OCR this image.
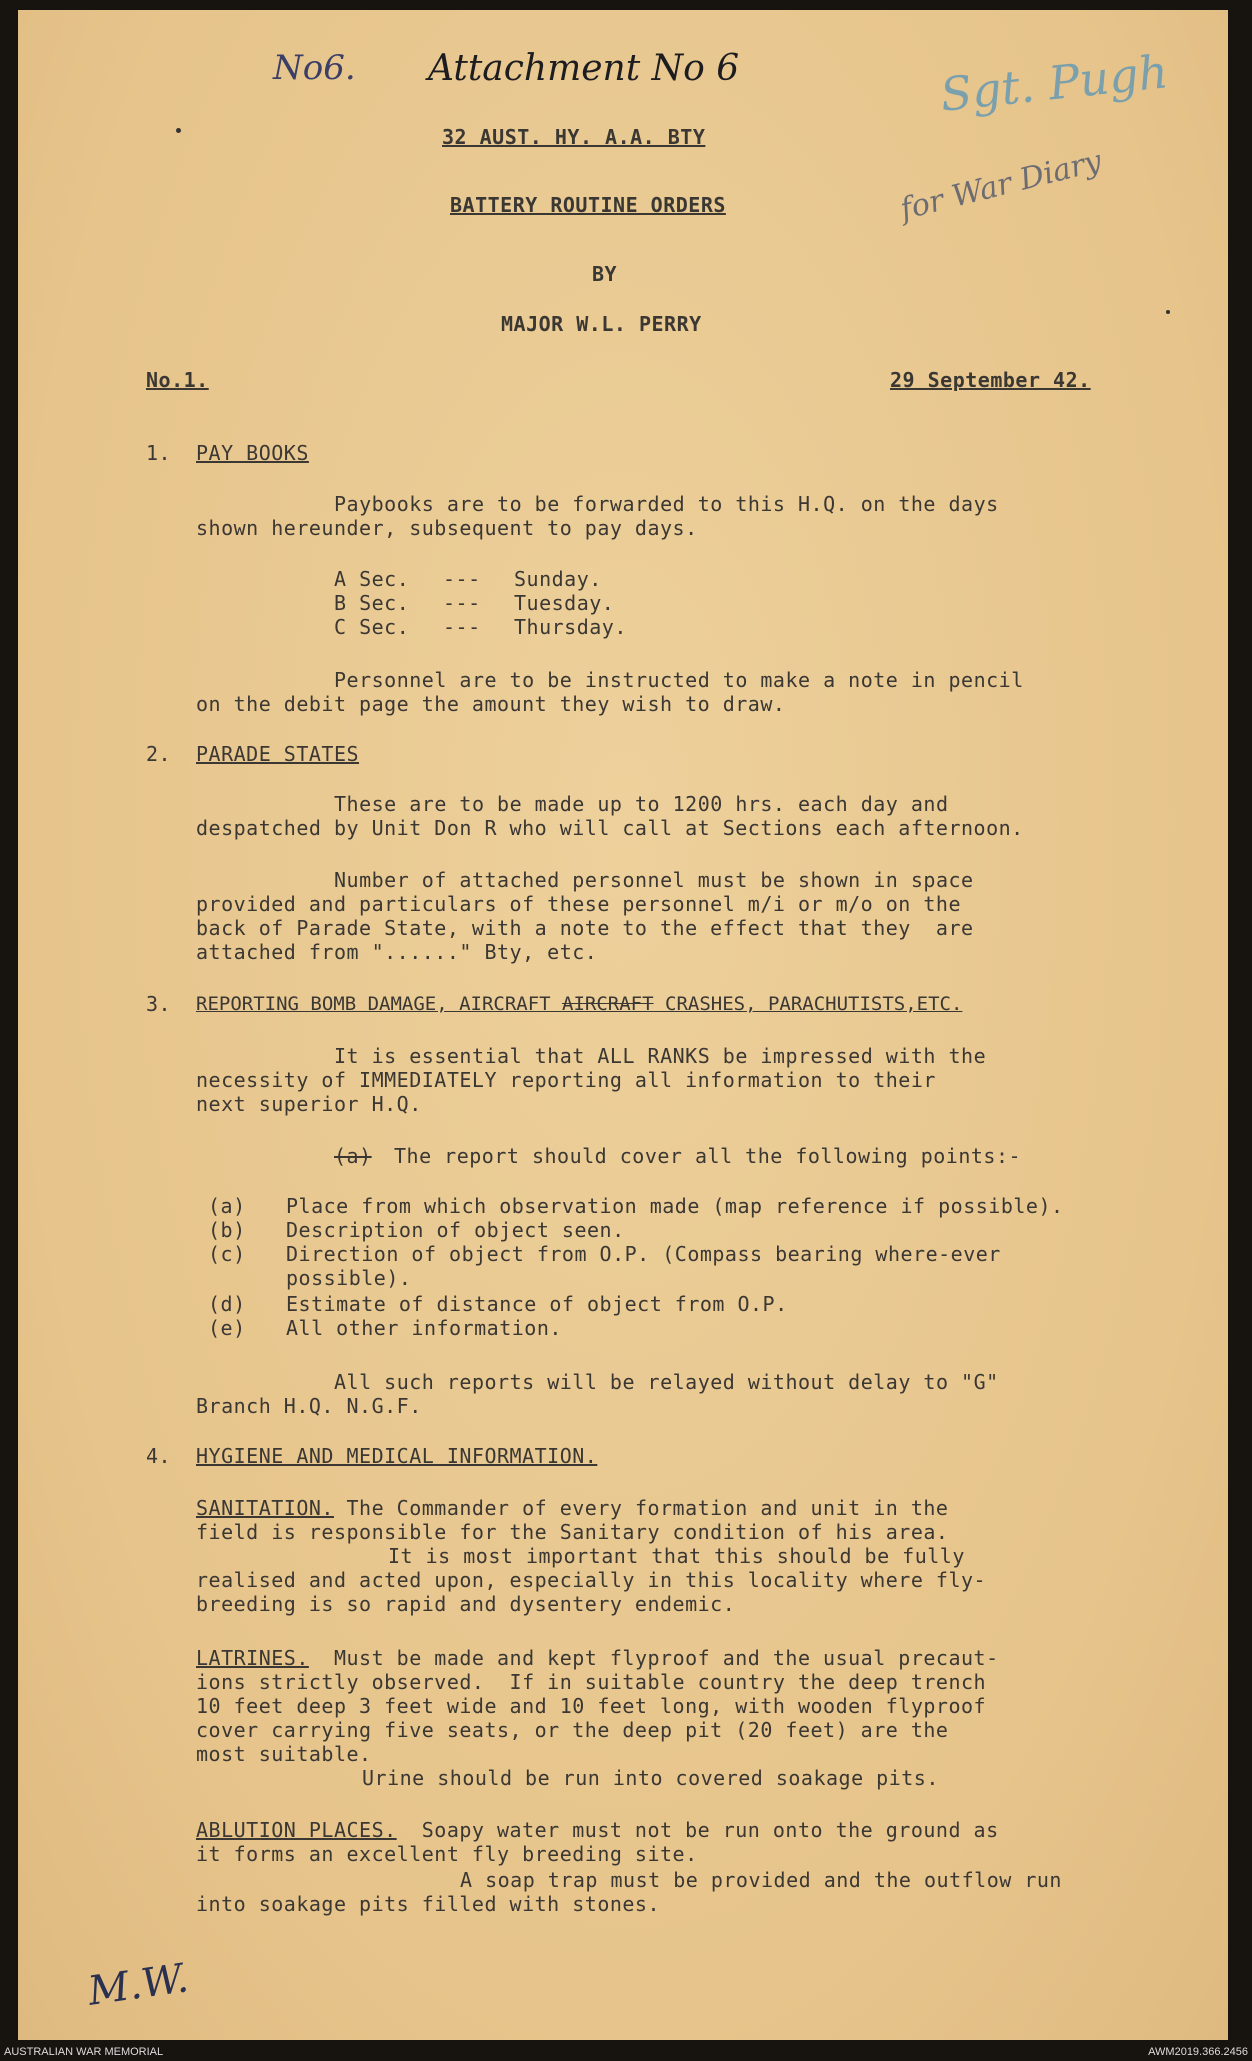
No6. Attachment No 6	Sgt. Pugh
for War Diary
M.W.
32 AUST. HY. A.A. BTY
BATTERY ROUTINE ORDERS
BY
MAJOR W.L. PERRY
No.1.	29 September 42.
1. PAY BOOKS
Paybooks are to be forwarded to this H.Q. on the days
shown hereunder, subsequent to pay days.
A Sec. --- Sunday.
B Sec. --- Tuesday.
C Sec. --- Thursday.
Personnel are to be instructed to make a note in pencil
on the debit page the amount they wish to draw.
2. PARADE STATES
These are to be made up to 1200 hrs. each day and
despatched by Unit Don R who will call at Sections each afternoon.
Number of attached personnel must be shown in space
provided and particulars of these personnel m/i or m/o on the
back of Parade State, with a note to the effect that they  are
attached from "......" Bty, etc.
3. REPORTING BOMB DAMAGE, AIRCRAFT AIRCRAFT CRASHES, PARACHUTISTS,ETC.
It is essential that ALL RANKS be impressed with the
necessity of IMMEDIATELY reporting all information to their
next superior H.Q.
(a) The report should cover all the following points:-
(a) Place from which observation made (map reference if possible).
(b) Description of object seen.
(c) Direction of object from O.P. (Compass bearing where-ever
possible).
(d) Estimate of distance of object from O.P.
(e) All other information.
All such reports will be relayed without delay to "G"
Branch H.Q. N.G.F.
4. HYGIENE AND MEDICAL INFORMATION.
SANITATION. The Commander of every formation and unit in the
field is responsible for the Sanitary condition of his area.
It is most important that this should be fully
realised and acted upon, especially in this locality where fly-
breeding is so rapid and dysentery endemic.
LATRINES.  Must be made and kept flyproof and the usual precaut-
ions strictly observed.  If in suitable country the deep trench
10 feet deep 3 feet wide and 10 feet long, with wooden flyproof
cover carrying five seats, or the deep pit (20 feet) are the
most suitable.
Urine should be run into covered soakage pits.
ABLUTION PLACES.  Soapy water must not be run onto the ground as
it forms an excellent fly breeding site.
A soap trap must be provided and the outflow run
into soakage pits filled with stones.
AUSTRALIAN WAR MEMORIAL	AWM2019.366.2456
